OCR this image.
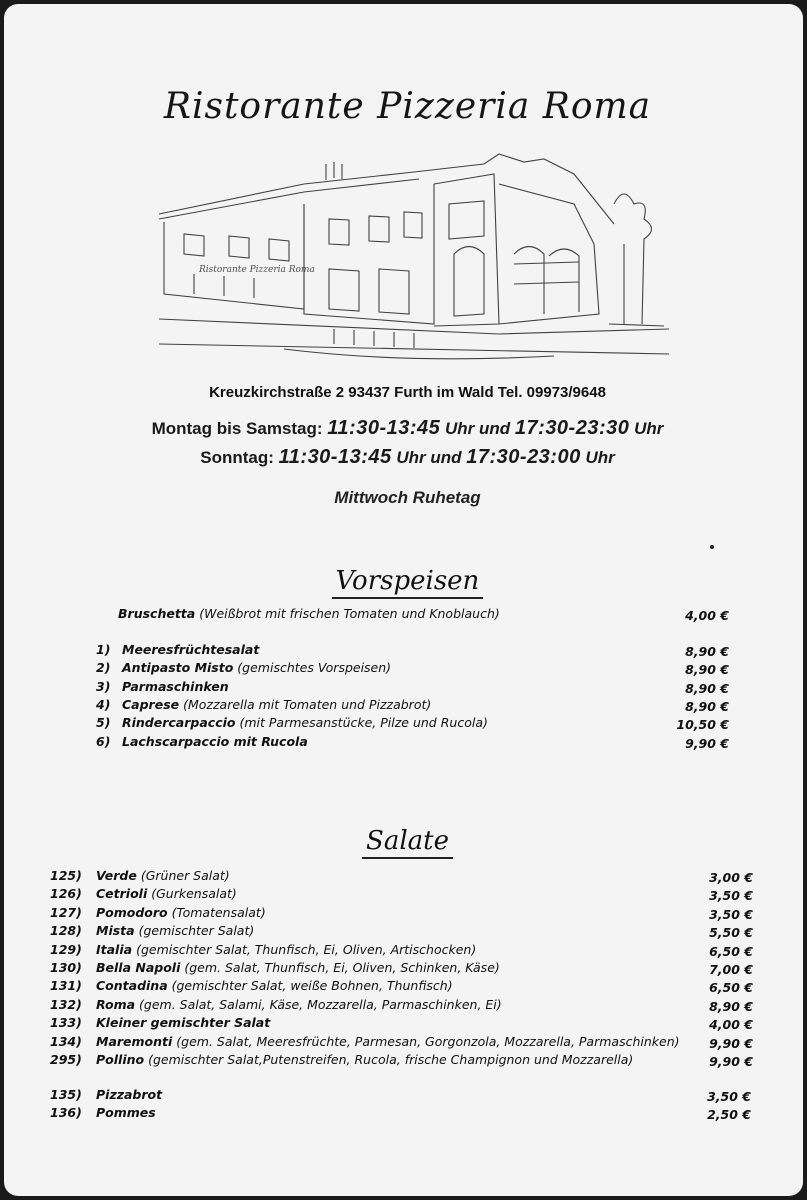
Ristorante Pizzeria Roma
Ristorante Pizzeria Roma
Kreuzkirchstraße 2 93437 Furth im Wald Tel. 09973/9648
Montag bis Samstag: 11:30-13:45 Uhr und 17:30-23:30 Uhr
Sonntag: 11:30-13:45 Uhr und 17:30-23:00 Uhr
Mittwoch Ruhetag
Vorspeisen
Bruschetta (Weißbrot mit frischen Tomaten und Knoblauch)	4,00 €
Salate
1) Meeresfrüchtesalat	8,90 €
2) Antipasto Misto (gemischtes Vorspeisen)	8,90 €
3) Parmaschinken	8,90 €
4) Caprese (Mozzarella mit Tomaten und Pizzabrot)	8,90 €
5) Rindercarpaccio (mit Parmesanstücke, Pilze und Rucola)	10,50 €
6) Lachscarpaccio mit Rucola	9,90 €
125) Verde (Grüner Salat)	3,00 €
126) Cetrioli (Gurkensalat)	3,50 €
127) Pomodoro (Tomatensalat)	3,50 €
128) Mista (gemischter Salat)	5,50 €
129) Italia (gemischter Salat, Thunfisch, Ei, Oliven, Artischocken)	6,50 €
130) Bella Napoli (gem. Salat, Thunfisch, Ei, Oliven, Schinken, Käse)	7,00 €
131) Contadina (gemischter Salat, weiße Bohnen, Thunfisch)	6,50 €
132) Roma (gem. Salat, Salami, Käse, Mozzarella, Parmaschinken, Ei)	8,90 €
133) Kleiner gemischter Salat	4,00 €
134) Maremonti (gem. Salat, Meeresfrüchte, Parmesan, Gorgonzola, Mozzarella, Parmaschinken) 9,90 €
295) Pollino (gemischter Salat,Putenstreifen, Rucola, frische Champignon und Mozzarella)	9,90 €
135) Pizzabrot	3,50 €
136) Pommes	2,50 €
